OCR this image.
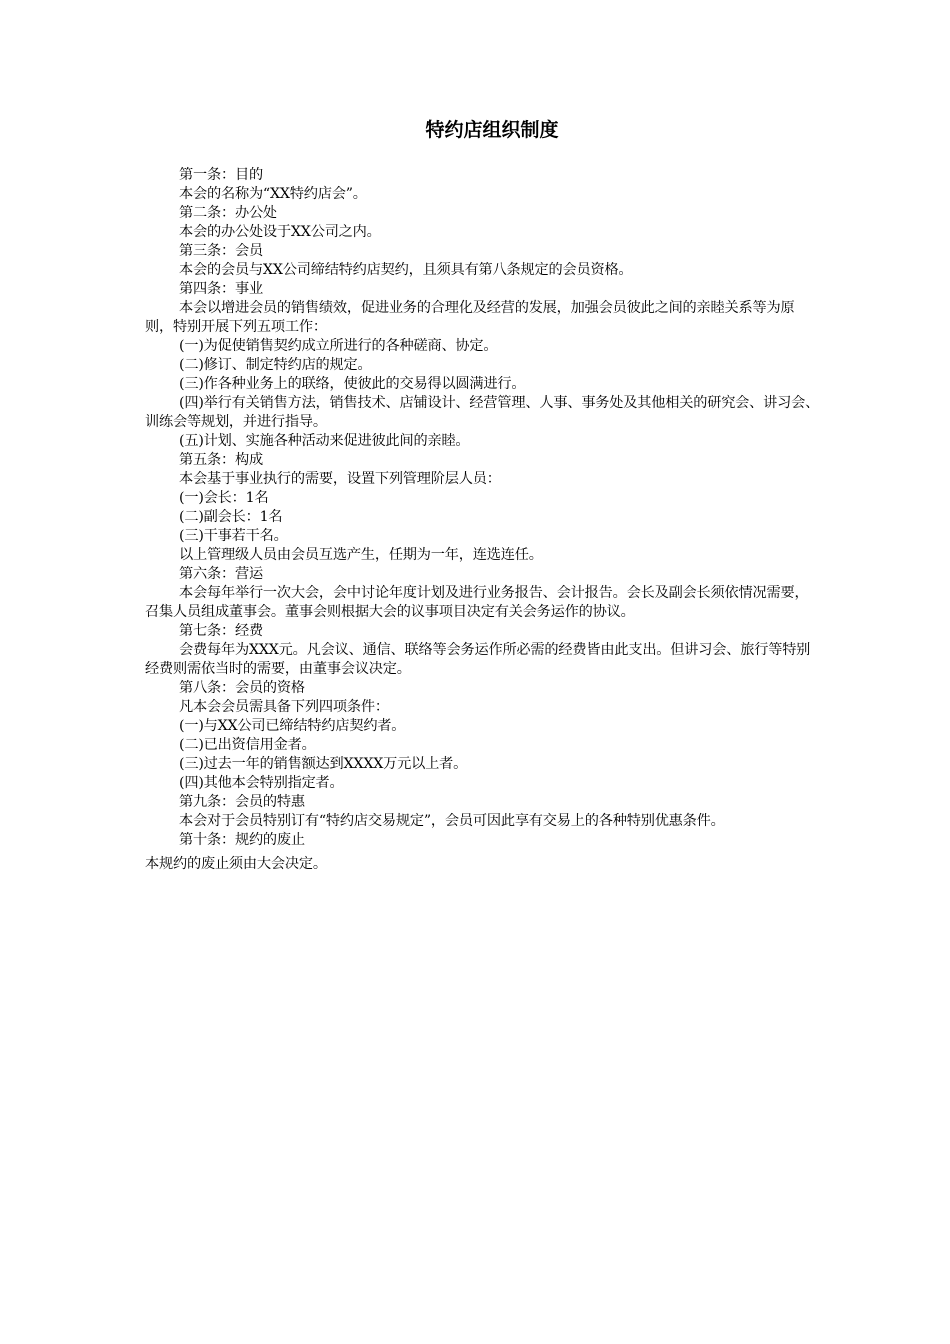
特约店组织制度

第一条：目的

本会的名称为“XX特约店会”。

第二条：办公处

本会的办公处设于XX公司之内。

第三条：会员

本会的会员与XX公司缔结特约店契约，且须具有第八条规定的会员资格。

第四条：事业

本会以增进会员的销售绩效，促进业务的合理化及经营的发展，加强会员彼此之间的亲睦关系等为原则，特别开展下列五项工作：

(一)为促使销售契约成立所进行的各种磋商、协定。

(二)修订、制定特约店的规定。

(三)作各种业务上的联络，使彼此的交易得以圆满进行。

(四)举行有关销售方法，销售技术、店铺设计、经营管理、人事、事务处及其他相关的研究会、讲习会、训练会等规划，并进行指导。

(五)计划、实施各种活动来促进彼此间的亲睦。

第五条：构成

本会基于事业执行的需要，设置下列管理阶层人员：

(一)会长：1名

(二)副会长：1名

(三)干事若干名。

以上管理级人员由会员互选产生，任期为一年，连选连任。

第六条：营运

本会每年举行一次大会，会中讨论年度计划及进行业务报告、会计报告。会长及副会长须依情况需要，召集人员组成董事会。董事会则根据大会的议事项目决定有关会务运作的协议。

第七条：经费

会费每年为XXX元。凡会议、通信、联络等会务运作所必需的经费皆由此支出。但讲习会、旅行等特别经费则需依当时的需要，由董事会议决定。

第八条：会员的资格

凡本会会员需具备下列四项条件：

(一)与XX公司已缔结特约店契约者。

(二)已出资信用金者。

(三)过去一年的销售额达到XXXX万元以上者。

(四)其他本会特别指定者。

第九条：会员的特惠

本会对于会员特别订有“特约店交易规定”，会员可因此享有交易上的各种特别优惠条件。

第十条：规约的废止

本规约的废止须由大会决定。
